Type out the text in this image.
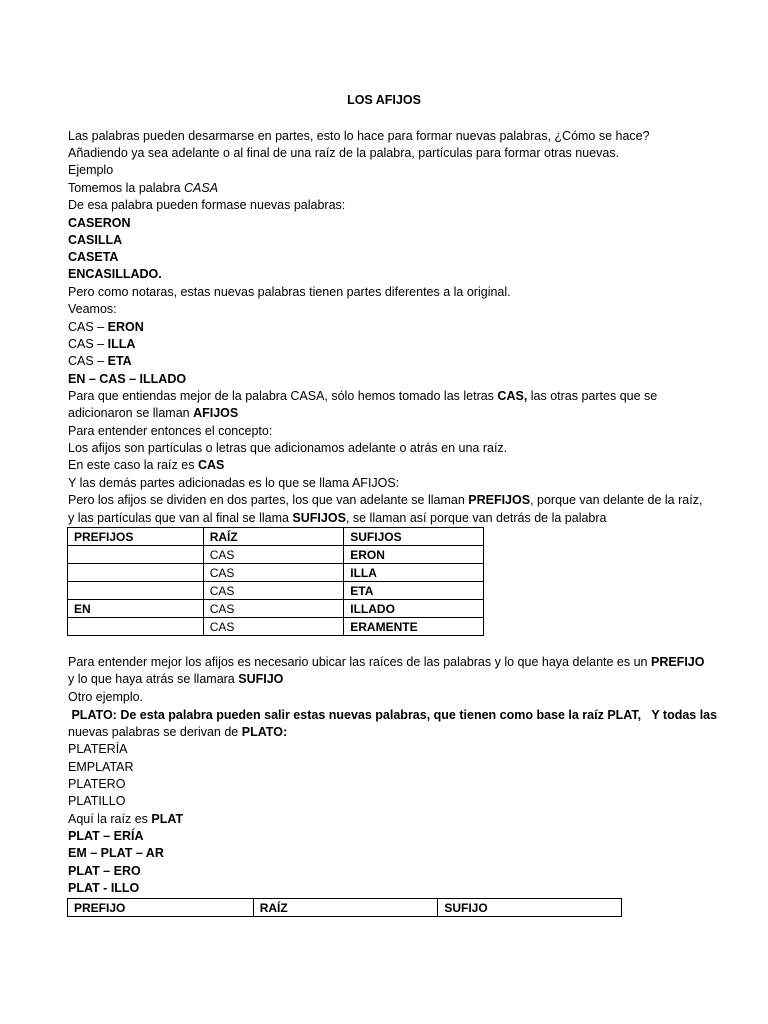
LOS AFIJOS
Las palabras pueden desarmarse en partes, esto lo hace para formar nuevas palabras, ¿Cómo se hace?
Añadiendo ya sea adelante o al final de una raíz de la palabra, partículas para formar otras nuevas.
Ejemplo
Tomemos la palabra CASA
De esa palabra pueden formase nuevas palabras:
CASERON
CASILLA
CASETA
ENCASILLADO.
Pero como notaras, estas nuevas palabras tienen partes diferentes a la original.
Veamos:
CAS – ERON
CAS – ILLA
CAS – ETA
EN – CAS – ILLADO
Para que entiendas mejor de la palabra CASA, sólo hemos tomado las letras CAS, las otras partes que se
adicionaron se llaman AFIJOS
Para entender entonces el concepto:
Los afijos son partículas o letras que adicionamos adelante o atrás en una raíz.
En este caso la raíz es CAS
Y las demás partes adicionadas es lo que se llama AFIJOS:
Pero los afijos se dividen en dos partes, los que van adelante se llaman PREFIJOS, porque van delante de la raíz,
y las partículas que van al final se llama SUFIJOS, se llaman así porque van detrás de la palabra
PREFIJOS	RAÍZ	SUFIJOS
	CAS	ERON
	CAS	ILLA
	CAS	ETA
EN	CAS	ILLADO
	CAS	ERAMENTE
Para entender mejor los afijos es necesario ubicar las raíces de las palabras y lo que haya delante es un PREFIJO
y lo que haya atrás se llamara SUFIJO
Otro ejemplo.
PLATO: De esta palabra pueden salir estas nuevas palabras, que tienen como base la raíz PLAT,   Y todas las
nuevas palabras se derivan de PLATO:
PLATERÍA
EMPLATAR
PLATERO
PLATILLO
Aquí la raíz es PLAT
PLAT – ERÍA
EM – PLAT – AR
PLAT – ERO
PLAT - ILLO
PREFIJO	RAÍZ	SUFIJO
